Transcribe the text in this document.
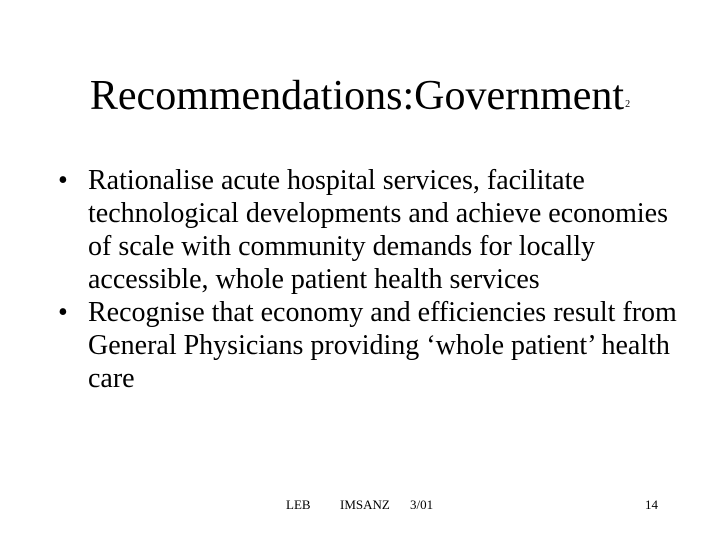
Recommendations:Government2
• Rationalise acute hospital services, facilitate technological developments and achieve economies of scale with community demands for locally accessible, whole patient health services
• Recognise that economy and efficiencies result from General Physicians providing ‘whole patient’ health care
LEB IMSANZ 3/01	14
